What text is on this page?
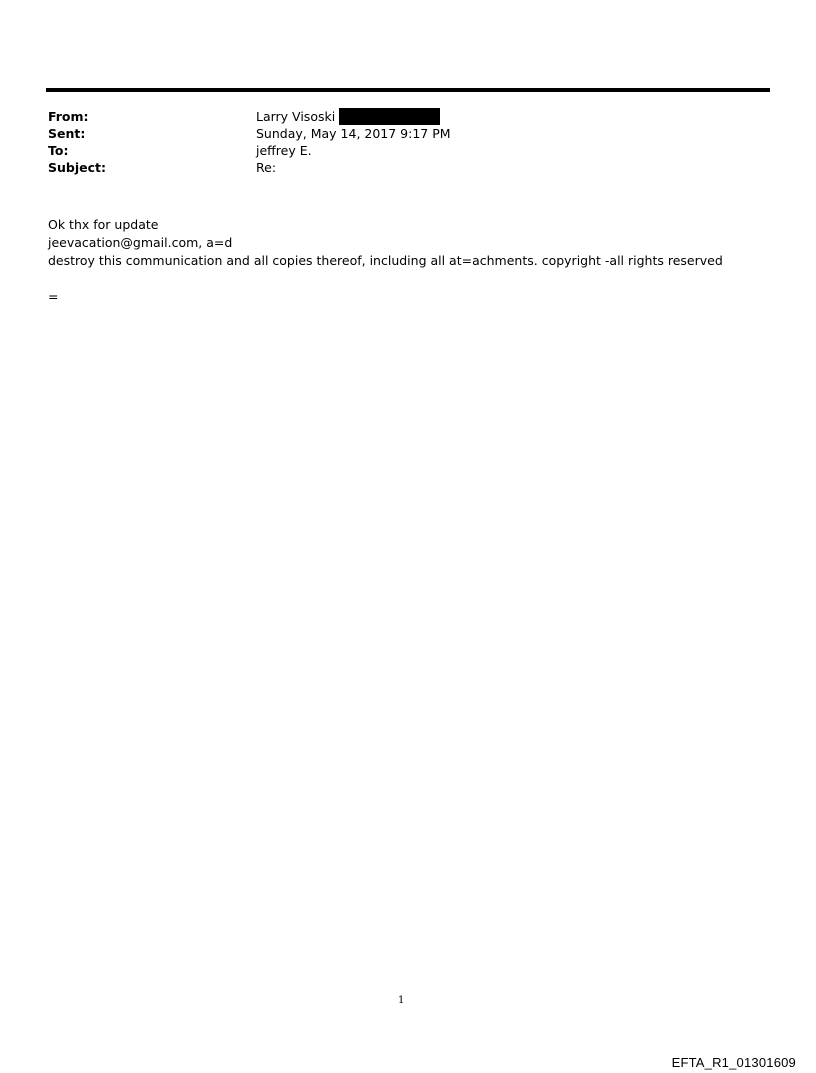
From:	Larry Visoski
Sent:	Sunday, May 14, 2017 9:17 PM
To:	jeffrey E.
Subject:	Re:

Ok thx for update

jeevacation@gmail.com, a=d

destroy this communication and all copies thereof, including all at=achments. copyright -all rights reserved

=
1
EFTA_R1_01301609
